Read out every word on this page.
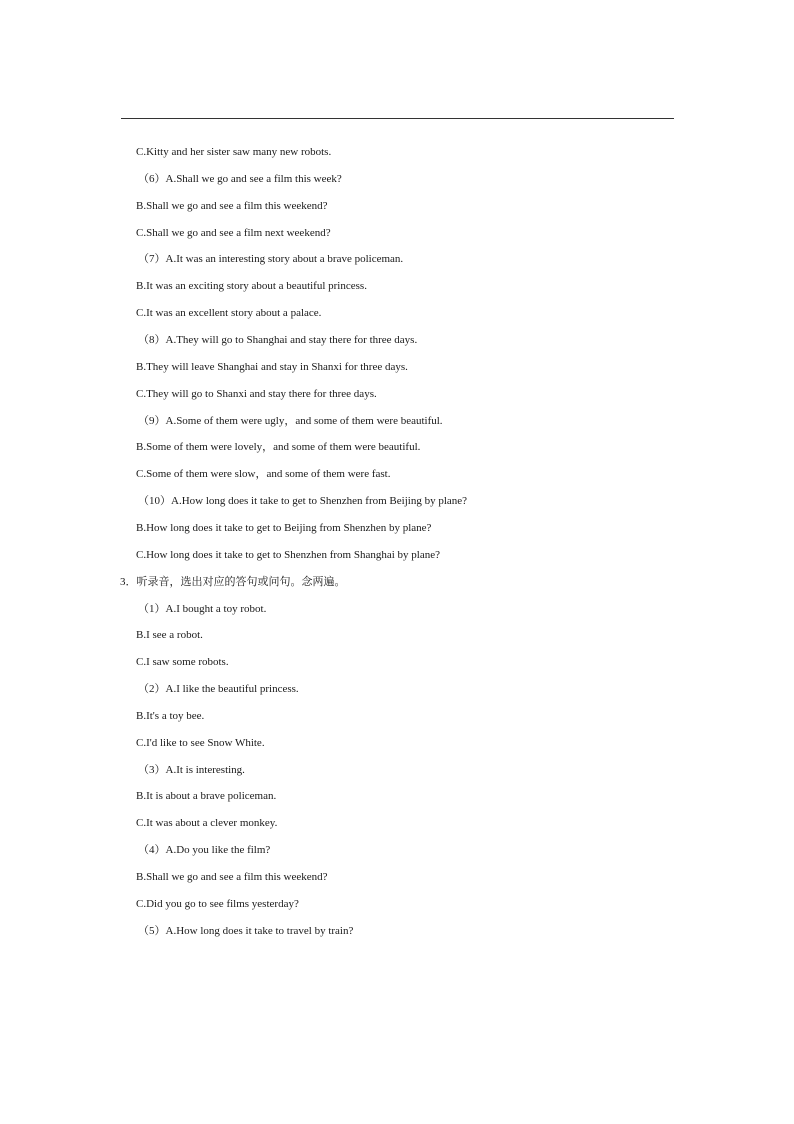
C.Kitty and her sister saw many new robots.
（6）A.Shall we go and see a film this week?
B.Shall we go and see a film this weekend?
C.Shall we go and see a film next weekend?
（7）A.It was an interesting story about a brave policeman.
B.It was an exciting story about a beautiful princess.
C.It was an excellent story about a palace.
（8）A.They will go to Shanghai and stay there for three days.
B.They will leave Shanghai and stay in Shanxi for three days.
C.They will go to Shanxi and stay there for three days.
（9）A.Some of them were ugly，and some of them were beautiful.
B.Some of them were lovely，and some of them were beautiful.
C.Some of them were slow，and some of them were fast.
（10）A.How long does it take to get to Shenzhen from Beijing by plane?
B.How long does it take to get to Beijing from Shenzhen by plane?
C.How long does it take to get to Shenzhen from Shanghai by plane?
3．听录音，选出对应的答句或问句。念两遍。
（1）A.I bought a toy robot.
B.I see a robot.
C.I saw some robots.
（2）A.I like the beautiful princess.
B.It's a toy bee.
C.I'd like to see Snow White.
（3）A.It is interesting.
B.It is about a brave policeman.
C.It was about a clever monkey.
（4）A.Do you like the film?
B.Shall we go and see a film this weekend?
C.Did you go to see films yesterday?
（5）A.How long does it take to travel by train?
